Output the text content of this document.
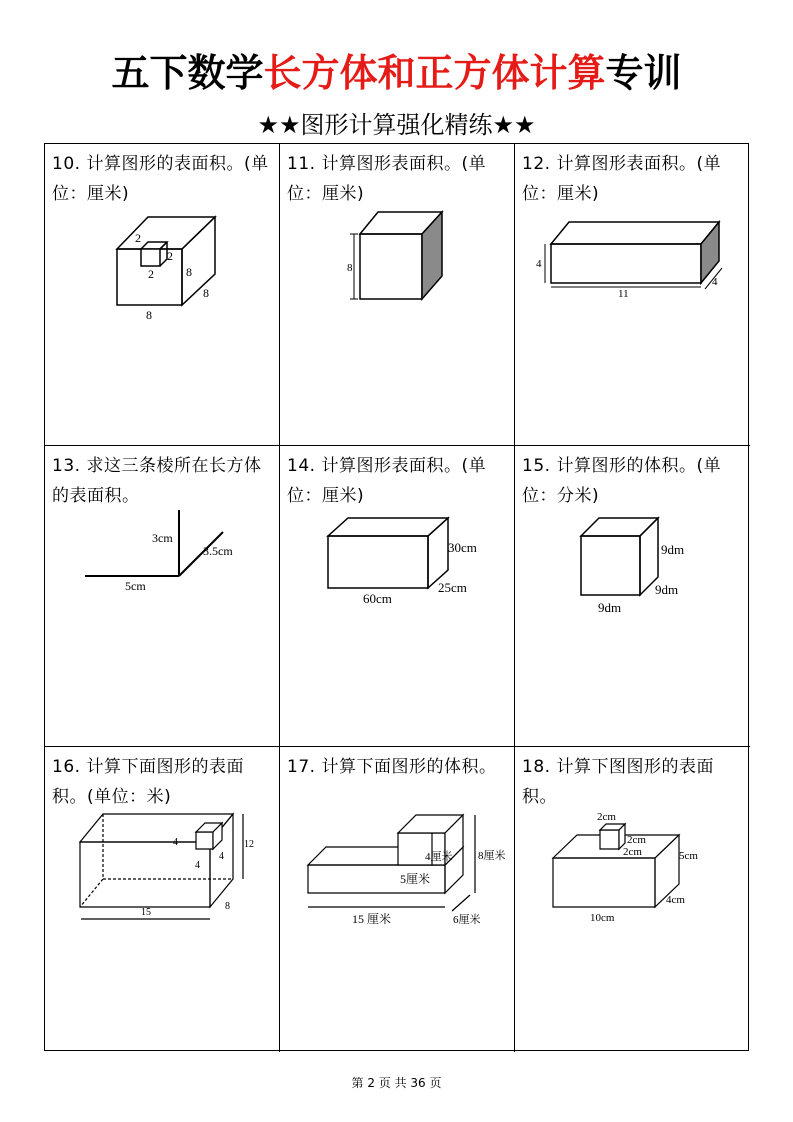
五下数学长方体和正方体计算专训
★★图形计算强化精练★★
10. 计算图形的表面积。(单位：厘米)
2
2
2	8
8
8
11. 计算图形表面积。(单位：厘米)
8
12. 计算图形表面积。(单位：厘米)
4
11
4
13. 求这三条棱所在长方体的表面积。
3cm
3.5cm
5cm
14. 计算图形表面积。(单位：厘米)
30cm
60cm
25cm
15. 计算图形的体积。(单位：分米)
9dm
9dm
9dm
16. 计算下面图形的表面积。(单位：米)
4
4
4
12
15
8
17. 计算下面图形的体积。
4厘米 8厘米
5厘米
15 厘米	6厘米
18. 计算下图图形的表面积。
2cm
2cm
2cm	5cm
4cm
10cm
第 2 页 共 36 页
